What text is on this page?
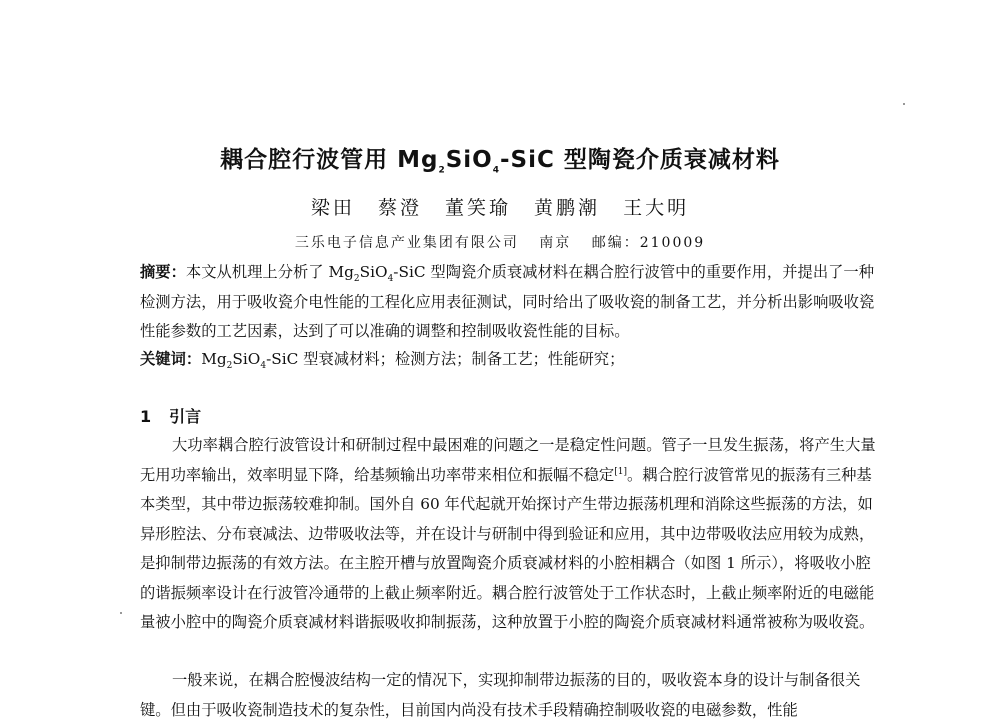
耦合腔行波管用 $Mg_2SiO_4$-SiC 型陶瓷介质衰减材料
梁田 蔡澄 董笑瑜 黄鹏潮 王大明
三乐电子信息产业集团有限公司 南京 邮编：210009

摘要：本文从机理上分析了 $Mg_2SiO_4$-SiC 型陶瓷介质衰减材料在耦合腔行波管中的重要作用，并提出了一种检测方法，用于吸收瓷介电性能的工程化应用表征测试，同时给出了吸收瓷的制备工艺，并分析出影响吸收瓷性能参数的工艺因素，达到了可以准确的调整和控制吸收瓷性能的目标。

关键词：$Mg_2SiO_4$-SiC 型衰减材料；检测方法；制备工艺；性能研究；

1 引言

大功率耦合腔行波管设计和研制过程中最困难的问题之一是稳定性问题。管子一旦发生振荡，将产生大量无用功率输出，效率明显下降，给基频输出功率带来相位和振幅不稳定[1]。耦合腔行波管常见的振荡有三种基本类型，其中带边振荡较难抑制。国外自 60 年代起就开始探讨产生带边振荡机理和消除这些振荡的方法，如异形腔法、分布衰减法、边带吸收法等，并在设计与研制中得到验证和应用，其中边带吸收法应用较为成熟，是抑制带边振荡的有效方法。在主腔开槽与放置陶瓷介质衰减材料的小腔相耦合（如图 1 所示），将吸收小腔的谐振频率设计在行波管冷通带的上截止频率附近。耦合腔行波管处于工作状态时，上截止频率附近的电磁能量被小腔中的陶瓷介质衰减材料谐振吸收抑制振荡，这种放置于小腔的陶瓷介质衰减材料通常被称为吸收瓷。

一般来说，在耦合腔慢波结构一定的情况下，实现抑制带边振荡的目的，吸收瓷本身的设计与制备很关键。但由于吸收瓷制造技术的复杂性，目前国内尚没有技术手段精确控制吸收瓷的电磁参数，性能
